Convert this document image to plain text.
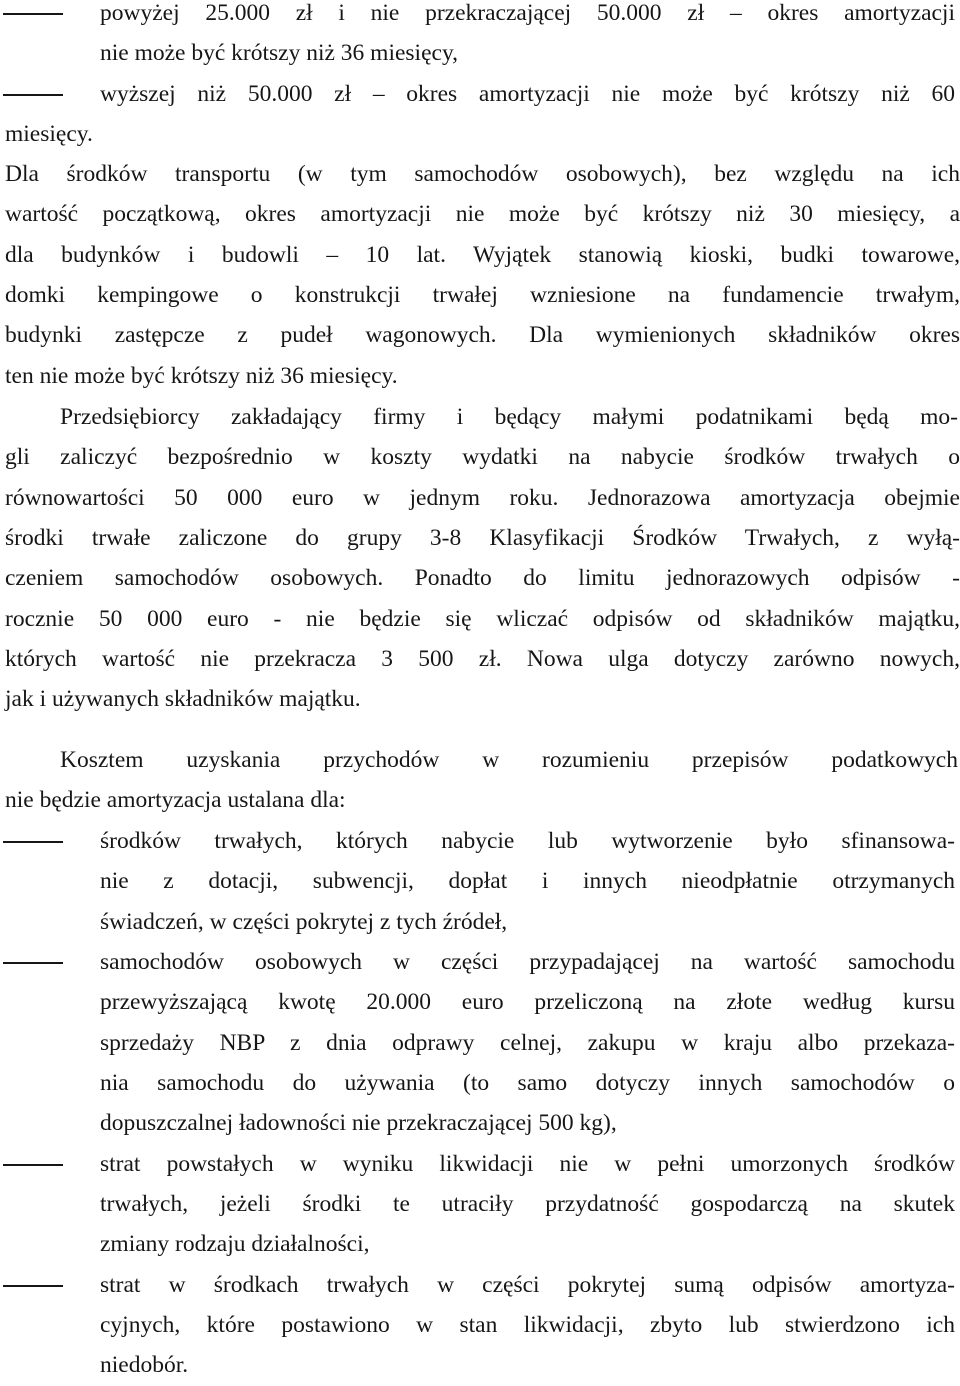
powyżej 25.000 zł i nie przekraczającej 50.000 zł – okres amortyzacji
nie może być krótszy niż 36 miesięcy,
wyższej niż 50.000 zł – okres amortyzacji nie może być krótszy niż 60
miesięcy.
Dla środków transportu (w tym samochodów osobowych), bez względu na ich
wartość początkową, okres amortyzacji nie może być krótszy niż 30 miesięcy, a
dla budynków i budowli – 10 lat. Wyjątek stanowią kioski, budki towarowe,
domki kempingowe o konstrukcji trwałej wzniesione na fundamencie trwałym,
budynki zastępcze z pudeł wagonowych. Dla wymienionych składników okres
ten nie może być krótszy niż 36 miesięcy.
Przedsiębiorcy zakładający firmy i będący małymi podatnikami będą mo-
gli zaliczyć bezpośrednio w koszty wydatki na nabycie środków trwałych o
równowartości 50 000 euro w jednym roku. Jednorazowa amortyzacja obejmie
środki trwałe zaliczone do grupy 3-8 Klasyfikacji Środków Trwałych, z wyłą-
czeniem samochodów osobowych. Ponadto do limitu jednorazowych odpisów -
rocznie 50 000 euro - nie będzie się wliczać odpisów od składników majątku,
których wartość nie przekracza 3 500 zł. Nowa ulga dotyczy zarówno nowych,
jak i używanych składników majątku.
Kosztem uzyskania przychodów w rozumieniu przepisów podatkowych
nie będzie amortyzacja ustalana dla:
środków trwałych, których nabycie lub wytworzenie było sfinansowa-
nie z dotacji, subwencji, dopłat i innych nieodpłatnie otrzymanych
świadczeń, w części pokrytej z tych źródeł,
samochodów osobowych w części przypadającej na wartość samochodu
przewyższającą kwotę 20.000 euro przeliczoną na złote według kursu
sprzedaży NBP z dnia odprawy celnej, zakupu w kraju albo przekaza-
nia samochodu do używania (to samo dotyczy innych samochodów o
dopuszczalnej ładowności nie przekraczającej 500 kg),
strat powstałych w wyniku likwidacji nie w pełni umorzonych środków
trwałych, jeżeli środki te utraciły przydatność gospodarczą na skutek
zmiany rodzaju działalności,
strat w środkach trwałych w części pokrytej sumą odpisów amortyza-
cyjnych, które postawiono w stan likwidacji, zbyto lub stwierdzono ich
niedobór.
